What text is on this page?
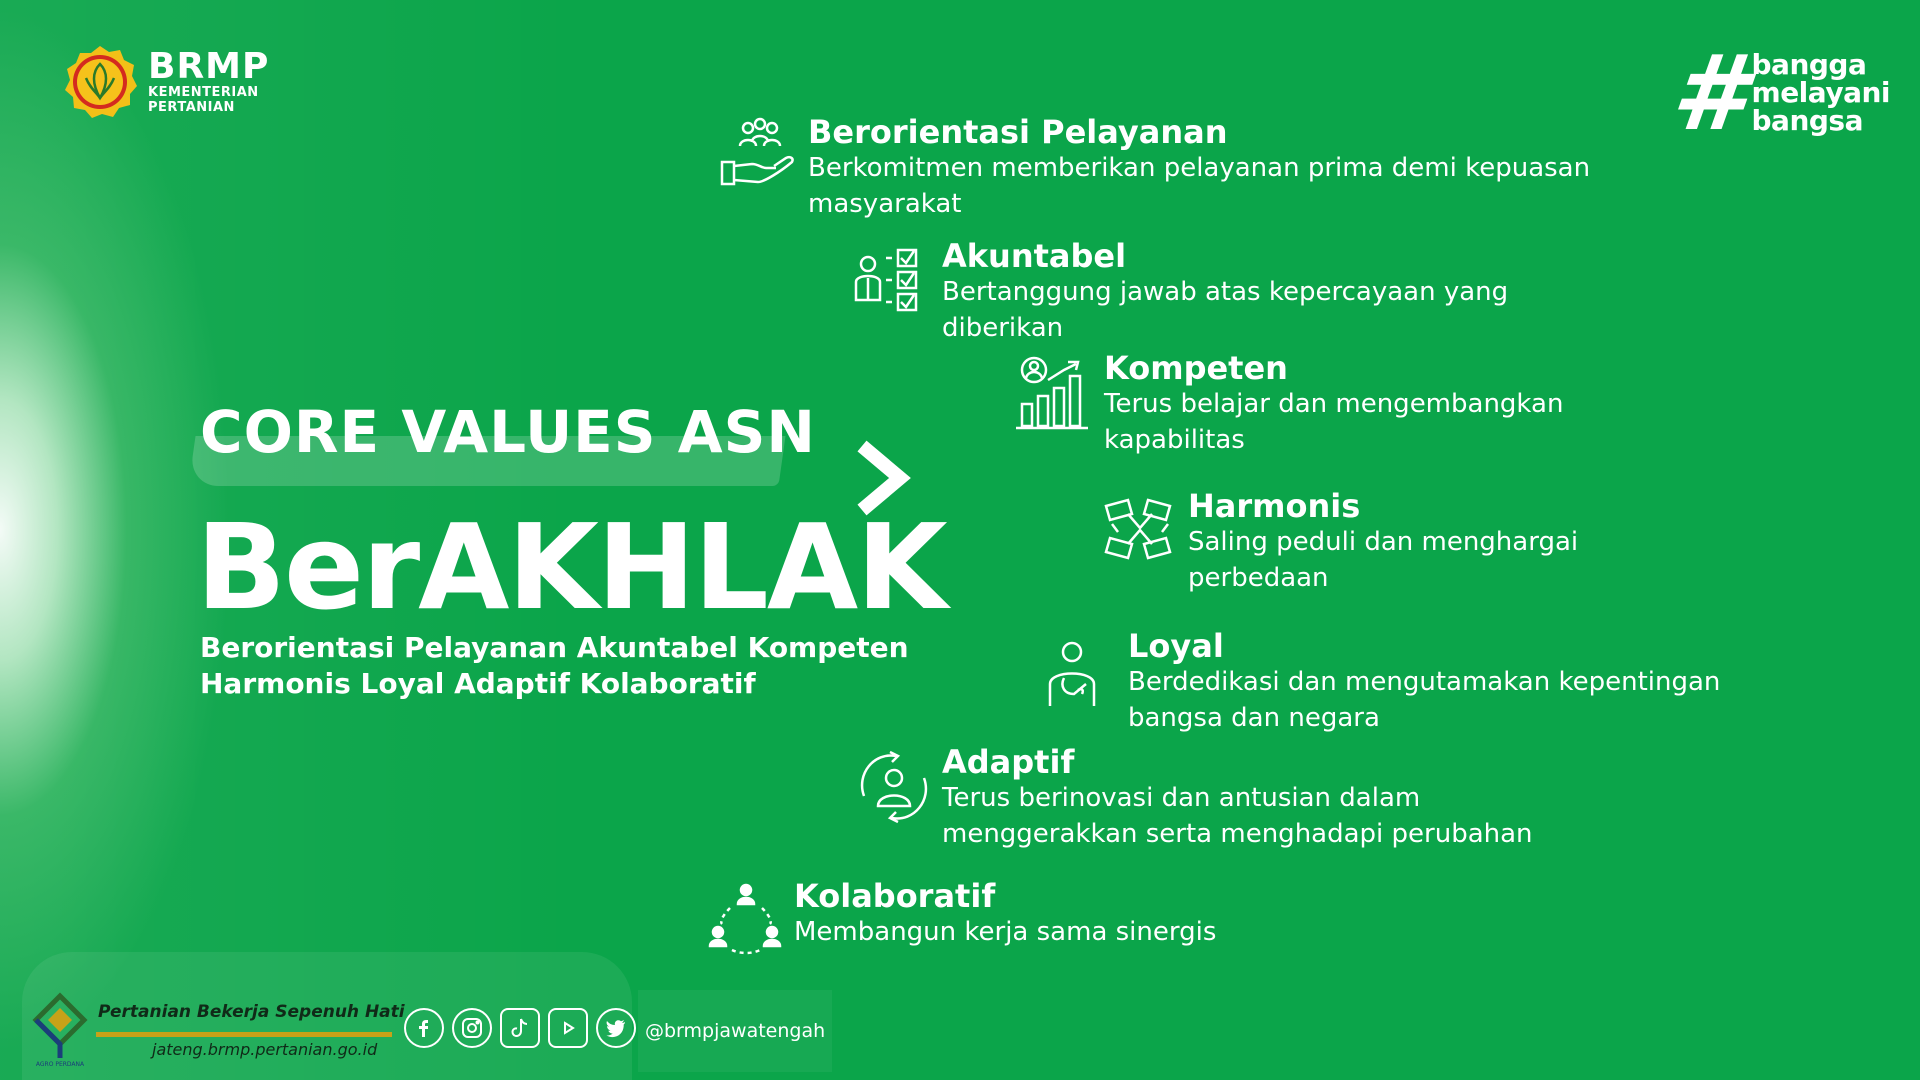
BRMP
KEMENTERIAN
PERTANIAN	# bangga
melayani
bangsa
CORE VALUES ASN
BerAKHLAK
Berorientasi Pelayanan Akuntabel Kompeten Harmonis Loyal Adaptif Kolaboratif
Berorientasi Pelayanan
Berkomitmen memberikan pelayanan prima demi kepuasan masyarakat
Akuntabel
Bertanggung jawab atas kepercayaan yang diberikan
Kompeten
Terus belajar dan mengembangkan kapabilitas
Harmonis
Saling peduli dan menghargai perbedaan
Loyal
Berdedikasi dan mengutamakan kepentingan bangsa dan negara
Adaptif
Terus berinovasi dan antusian dalam menggerakkan serta menghadapi perubahan
Kolaboratif
Membangun kerja sama sinergis
AGRO PERDANA
Pertanian Bekerja Sepenuh Hati
jateng.brmp.pertanian.go.id
@brmpjawatengah
